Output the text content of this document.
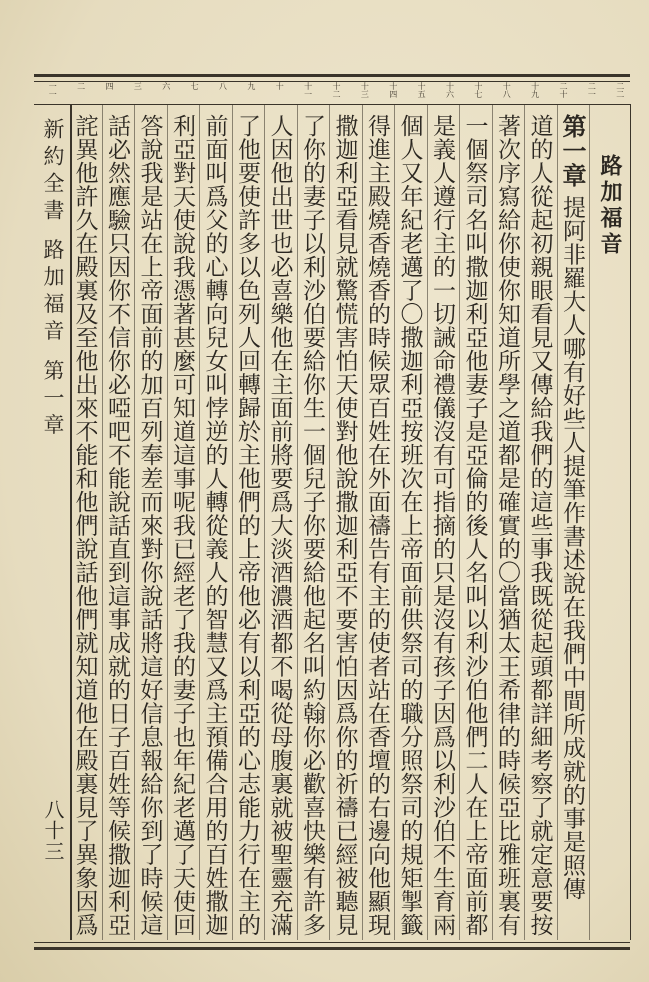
一一	二	四	三	六	七	八	九	十	十一	十二	十三	十四	十五	十六	十七	十八	十九	二十	二一	二二
新約全書 路加福音 第一章
八十三
第一章 提阿非羅大人哪有好些人提筆作書述說在我們中間所成就的事是照傳
道的人從起初親眼看見又傳給我們的這些事我既從起頭都詳細考察了就定意要按
著次序寫給你使你知道所學之道都是確實的〇當猶太王希律的時候亞比雅班裏有
一個祭司名叫撒迦利亞他妻子是亞倫的後人名叫以利沙伯他們二人在上帝面前都
是義人遵行主的一切誡命禮儀沒有可指摘的只是沒有孩子因爲以利沙伯不生育兩
個人又年紀老邁了〇撒迦利亞按班次在上帝面前供祭司的職分照祭司的規矩掣籤
得進主殿燒香燒香的時候眾百姓在外面禱告有主的使者站在香壇的右邊向他顯現
撒迦利亞看見就驚慌害怕天使對他說撒迦利亞不要害怕因爲你的祈禱已經被聽見
了你的妻子以利沙伯要給你生一個兒子你要給他起名叫約翰你必歡喜快樂有許多
人因他出世也必喜樂他在主面前將要爲大淡酒濃酒都不喝從母腹裏就被聖靈充滿
了他要使許多以色列人回轉歸於主他們的上帝他必有以利亞的心志能力行在主的
前面叫爲父的心轉向兒女叫悖逆的人轉從義人的智慧又爲主預備合用的百姓撒迦
利亞對天使說我憑著甚麼可知道這事呢我已經老了我的妻子也年紀老邁了天使回
答說我是站在上帝面前的加百列奉差而來對你說話將這好信息報給你到了時候這
話必然應驗只因你不信你必啞吧不能說話直到這事成就的日子百姓等候撒迦利亞
詫異他許久在殿裏及至他出來不能和他們說話他們就知道他在殿裏見了異象因爲	路加福音
